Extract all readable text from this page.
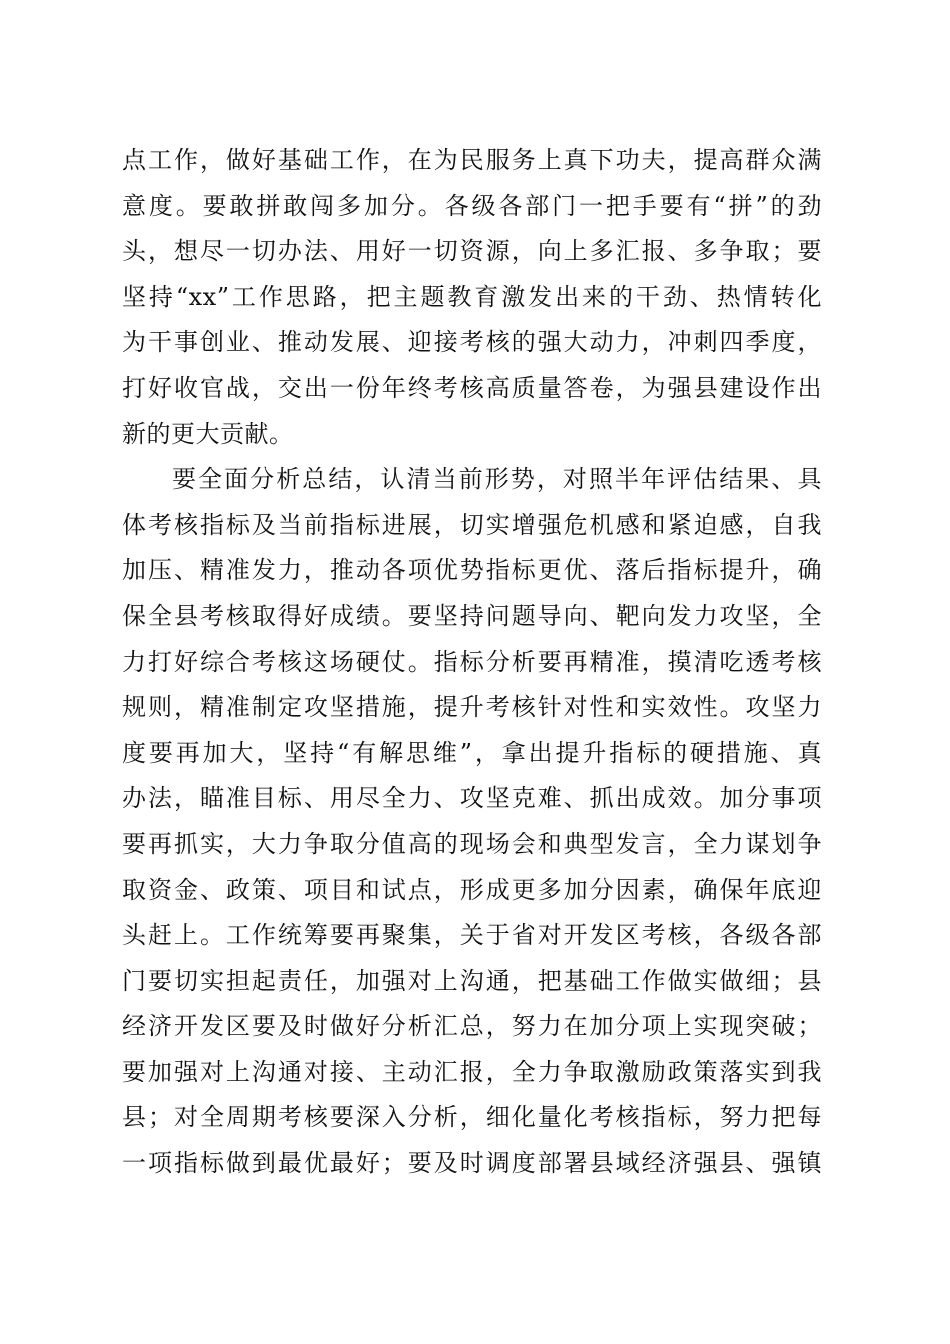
点工作，做好基础工作，在为民服务上真下功夫，提高群众满
意度。要敢拼敢闯多加分。各级各部门一把手要有“拼”的劲
头，想尽一切办法、用好一切资源，向上多汇报、多争取；要
坚持“xx”工作思路，把主题教育激发出来的干劲、热情转化
为干事创业、推动发展、迎接考核的强大动力，冲刺四季度，
打好收官战，交出一份年终考核高质量答卷，为强县建设作出
新的更大贡献。
要全面分析总结，认清当前形势，对照半年评估结果、具
体考核指标及当前指标进展，切实增强危机感和紧迫感，自我
加压、精准发力，推动各项优势指标更优、落后指标提升，确
保全县考核取得好成绩。要坚持问题导向、靶向发力攻坚，全
力打好综合考核这场硬仗。指标分析要再精准，摸清吃透考核
规则，精准制定攻坚措施，提升考核针对性和实效性。攻坚力
度要再加大，坚持“有解思维”，拿出提升指标的硬措施、真
办法，瞄准目标、用尽全力、攻坚克难、抓出成效。加分事项
要再抓实，大力争取分值高的现场会和典型发言，全力谋划争
取资金、政策、项目和试点，形成更多加分因素，确保年底迎
头赶上。工作统筹要再聚集，关于省对开发区考核，各级各部
门要切实担起责任，加强对上沟通，把基础工作做实做细；县
经济开发区要及时做好分析汇总，努力在加分项上实现突破；
要加强对上沟通对接、主动汇报，全力争取激励政策落实到我
县；对全周期考核要深入分析，细化量化考核指标，努力把每
一项指标做到最优最好；要及时调度部署县域经济强县、强镇
